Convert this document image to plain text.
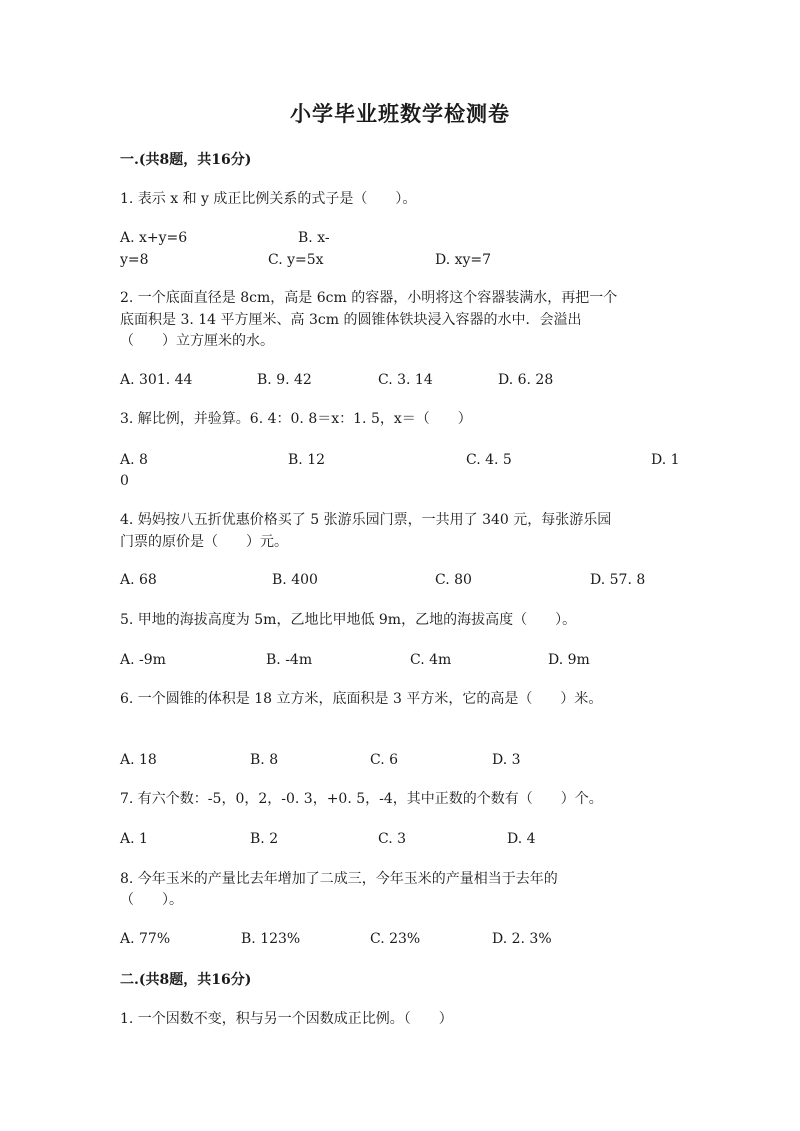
小学毕业班数学检测卷
一.(共8题，共16分)
1. 表示 x 和 y 成正比例关系的式子是（　　）。
A. x+y=6	B. x-
y=8	C. y=5x	D. xy=7
2. 一个底面直径是 8cm，高是 6cm 的容器，小明将这个容器装满水，再把一个
底面积是 3. 14 平方厘米、高 3cm 的圆锥体铁块浸入容器的水中．会溢出
（　　）立方厘米的水。
A. 301. 44	B. 9. 42	C. 3. 14	D. 6. 28
3. 解比例，并验算。6. 4：0. 8＝x：1. 5，x＝（　　）
A. 8	B. 12	C. 4. 5	D. 1
0
4. 妈妈按八五折优惠价格买了 5 张游乐园门票，一共用了 340 元，每张游乐园
门票的原价是（　　）元。
A. 68	B. 400	C. 80	D. 57. 8
5. 甲地的海拔高度为 5m，乙地比甲地低 9m，乙地的海拔高度（　　）。
A. -9m	B. -4m	C. 4m	D. 9m
6. 一个圆锥的体积是 18 立方米，底面积是 3 平方米，它的高是（　　）米。
A. 18	B. 8	C. 6	D. 3
7. 有六个数：-5，0，2，-0. 3，+0. 5，-4，其中正数的个数有（　　）个。
A. 1	B. 2	C. 3	D. 4
8. 今年玉米的产量比去年增加了二成三，今年玉米的产量相当于去年的
（　　）。
A. 77%	B. 123%	C. 23%	D. 2. 3%
二.(共8题，共16分)
1. 一个因数不变，积与另一个因数成正比例。（　　）
